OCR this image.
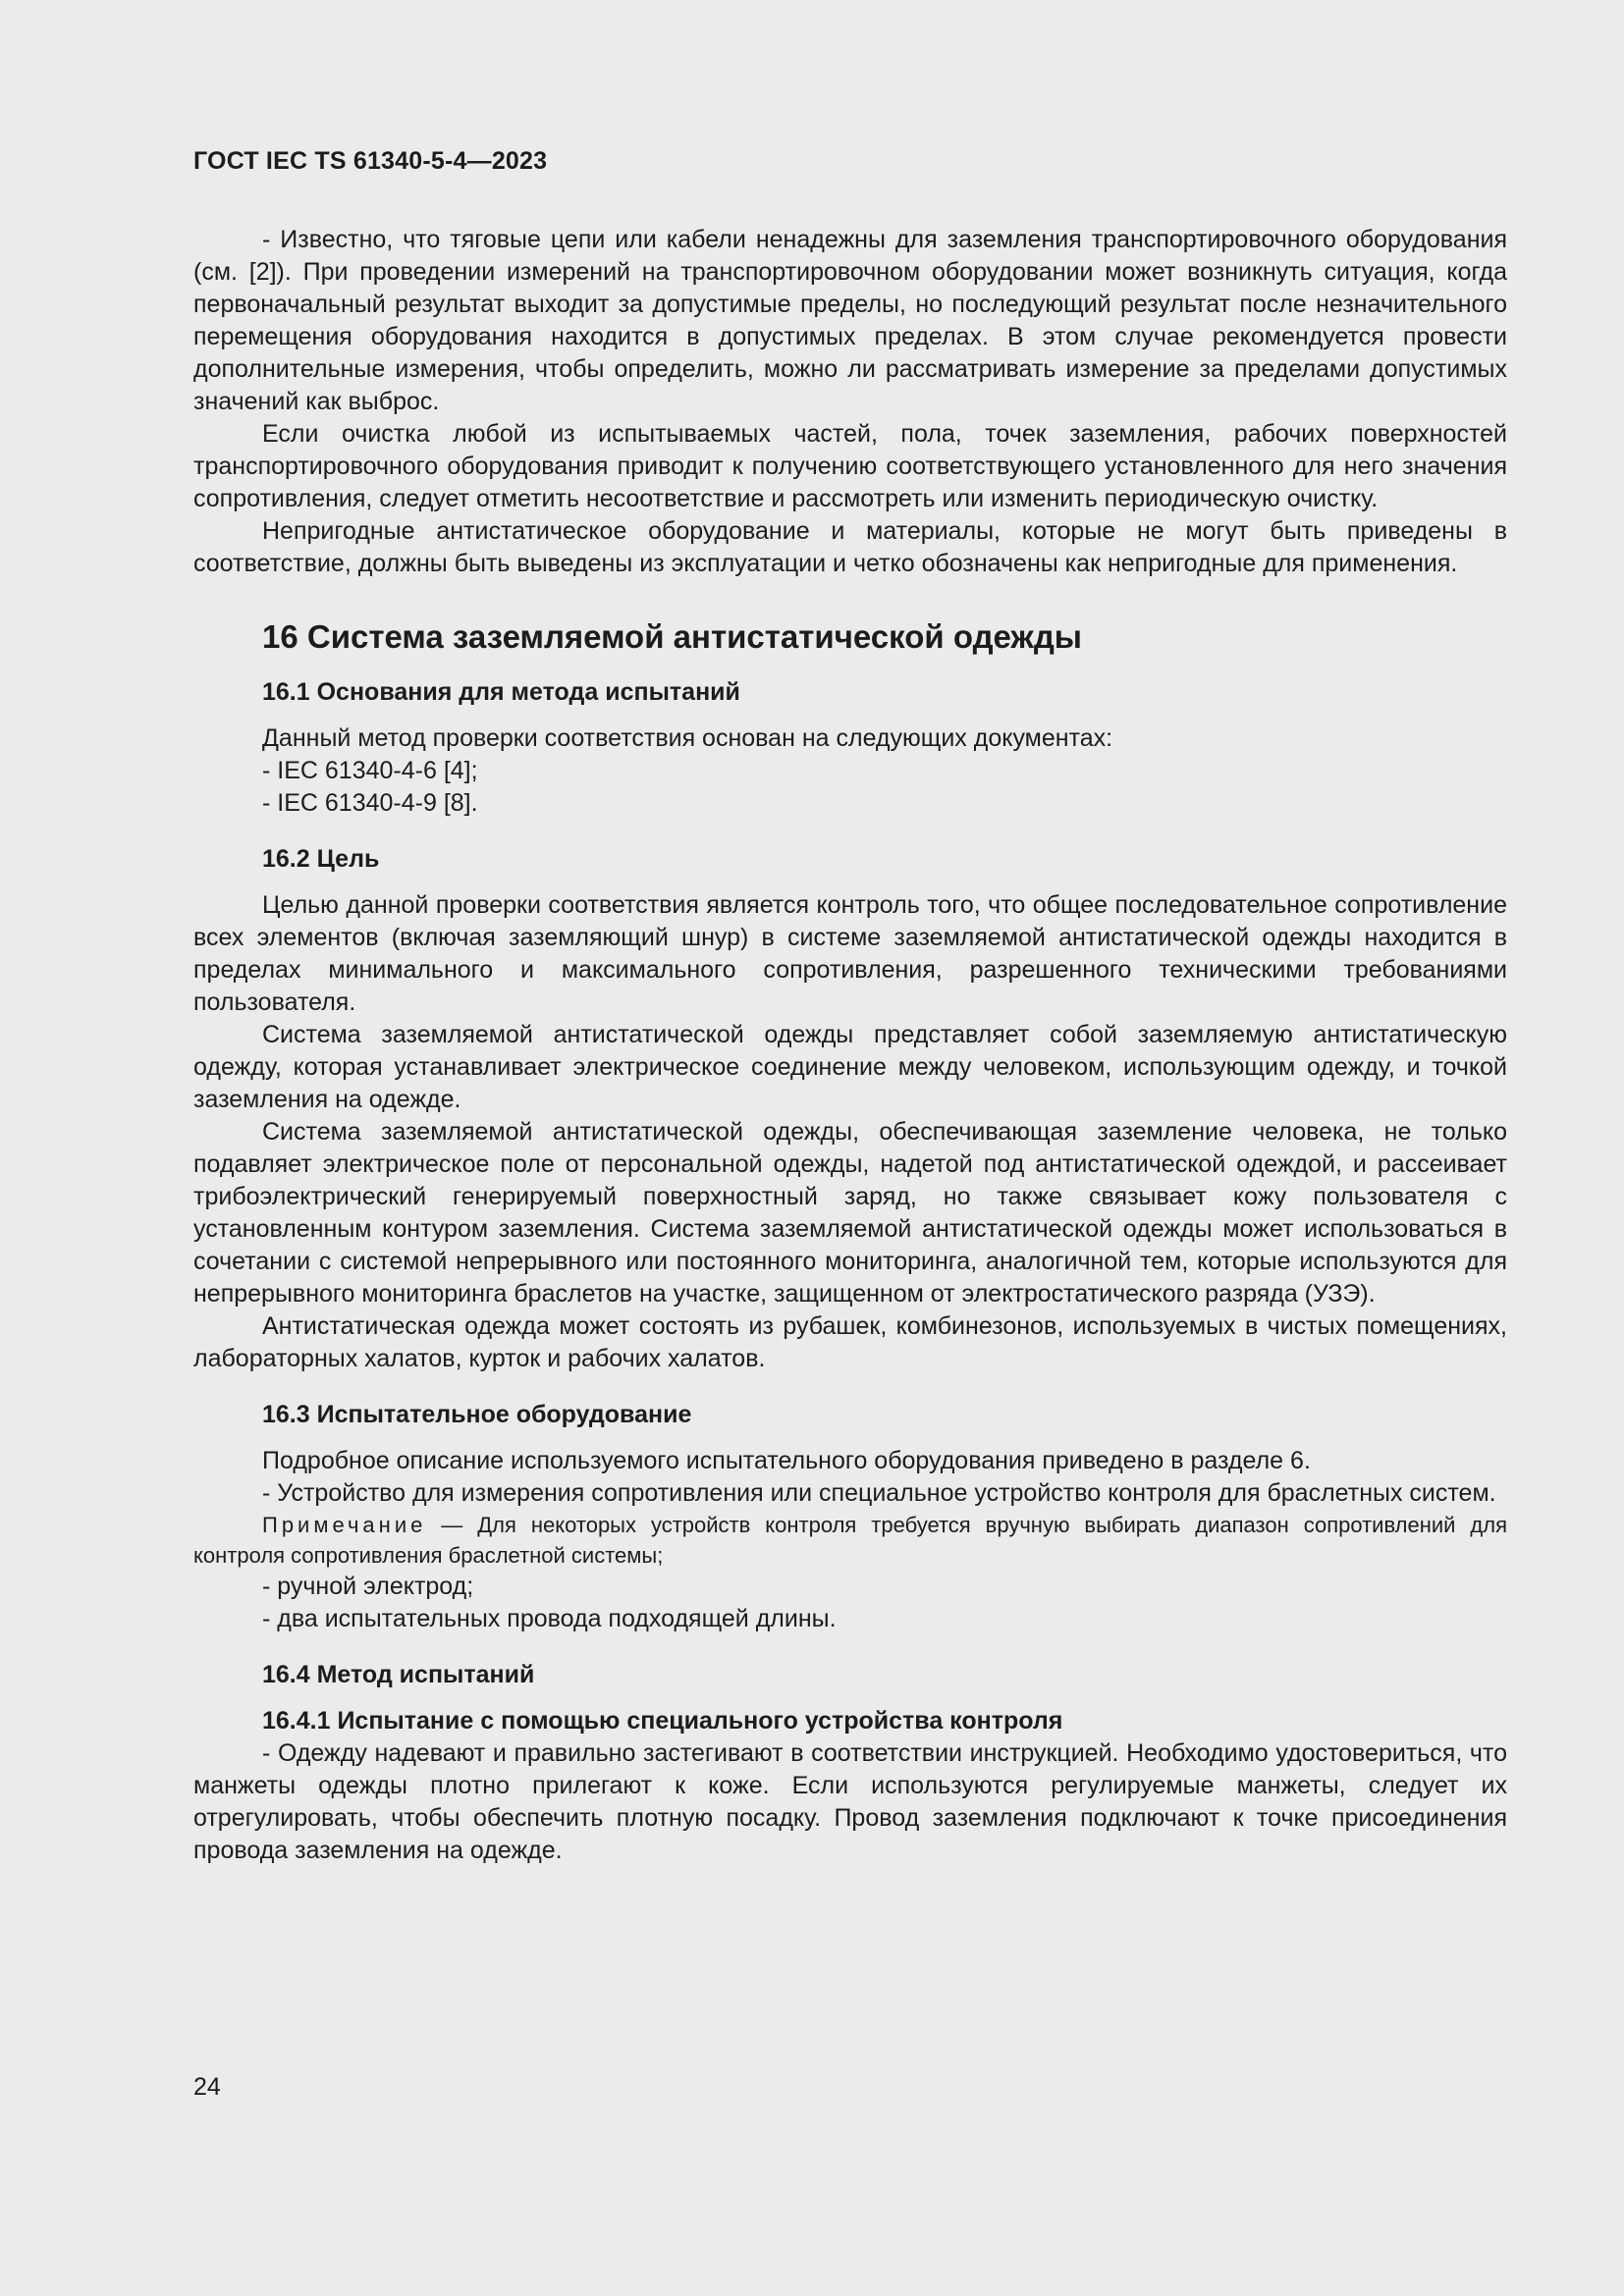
ГОСТ IEC TS 61340-5-4—2023

- Известно, что тяговые цепи или кабели ненадежны для заземления транспортировочного оборудования (см. [2]). При проведении измерений на транспортировочном оборудовании может возникнуть ситуация, когда первоначальный результат выходит за допустимые пределы, но последующий результат после незначительного перемещения оборудования находится в допустимых пределах. В этом случае рекомендуется провести дополнительные измерения, чтобы определить, можно ли рассматривать измерение за пределами допустимых значений как выброс.

Если очистка любой из испытываемых частей, пола, точек заземления, рабочих поверхностей транспортировочного оборудования приводит к получению соответствующего установленного для него значения сопротивления, следует отметить несоответствие и рассмотреть или изменить периодическую очистку.

Непригодные антистатическое оборудование и материалы, которые не могут быть приведены в соответствие, должны быть выведены из эксплуатации и четко обозначены как непригодные для применения.

16 Система заземляемой антистатической одежды
16.1 Основания для метода испытаний

Данный метод проверки соответствия основан на следующих документах:

- IEC 61340-4-6 [4];

- IEC 61340-4-9 [8].

16.2 Цель

Целью данной проверки соответствия является контроль того, что общее последовательное сопротивление всех элементов (включая заземляющий шнур) в системе заземляемой антистатической одежды находится в пределах минимального и максимального сопротивления, разрешенного техническими требованиями пользователя.

Система заземляемой антистатической одежды представляет собой заземляемую антистатическую одежду, которая устанавливает электрическое соединение между человеком, использующим одежду, и точкой заземления на одежде.

Система заземляемой антистатической одежды, обеспечивающая заземление человека, не только подавляет электрическое поле от персональной одежды, надетой под антистатической одеждой, и рассеивает трибоэлектрический генерируемый поверхностный заряд, но также связывает кожу пользователя с установленным контуром заземления. Система заземляемой антистатической одежды может использоваться в сочетании с системой непрерывного или постоянного мониторинга, аналогичной тем, которые используются для непрерывного мониторинга браслетов на участке, защищенном от электростатического разряда (УЗЭ).

Антистатическая одежда может состоять из рубашек, комбинезонов, используемых в чистых помещениях, лабораторных халатов, курток и рабочих халатов.

16.3 Испытательное оборудование

Подробное описание используемого испытательного оборудования приведено в разделе 6.

- Устройство для измерения сопротивления или специальное устройство контроля для браслетных систем.

Примечание — Для некоторых устройств контроля требуется вручную выбирать диапазон сопротивлений для контроля сопротивления браслетной системы;

- ручной электрод;

- два испытательных провода подходящей длины.

16.4 Метод испытаний
16.4.1 Испытание с помощью специального устройства контроля

- Одежду надевают и правильно застегивают в соответствии инструкцией. Необходимо удостовериться, что манжеты одежды плотно прилегают к коже. Если используются регулируемые манжеты, следует их отрегулировать, чтобы обеспечить плотную посадку. Провод заземления подключают к точке присоединения провода заземления на одежде.

24
